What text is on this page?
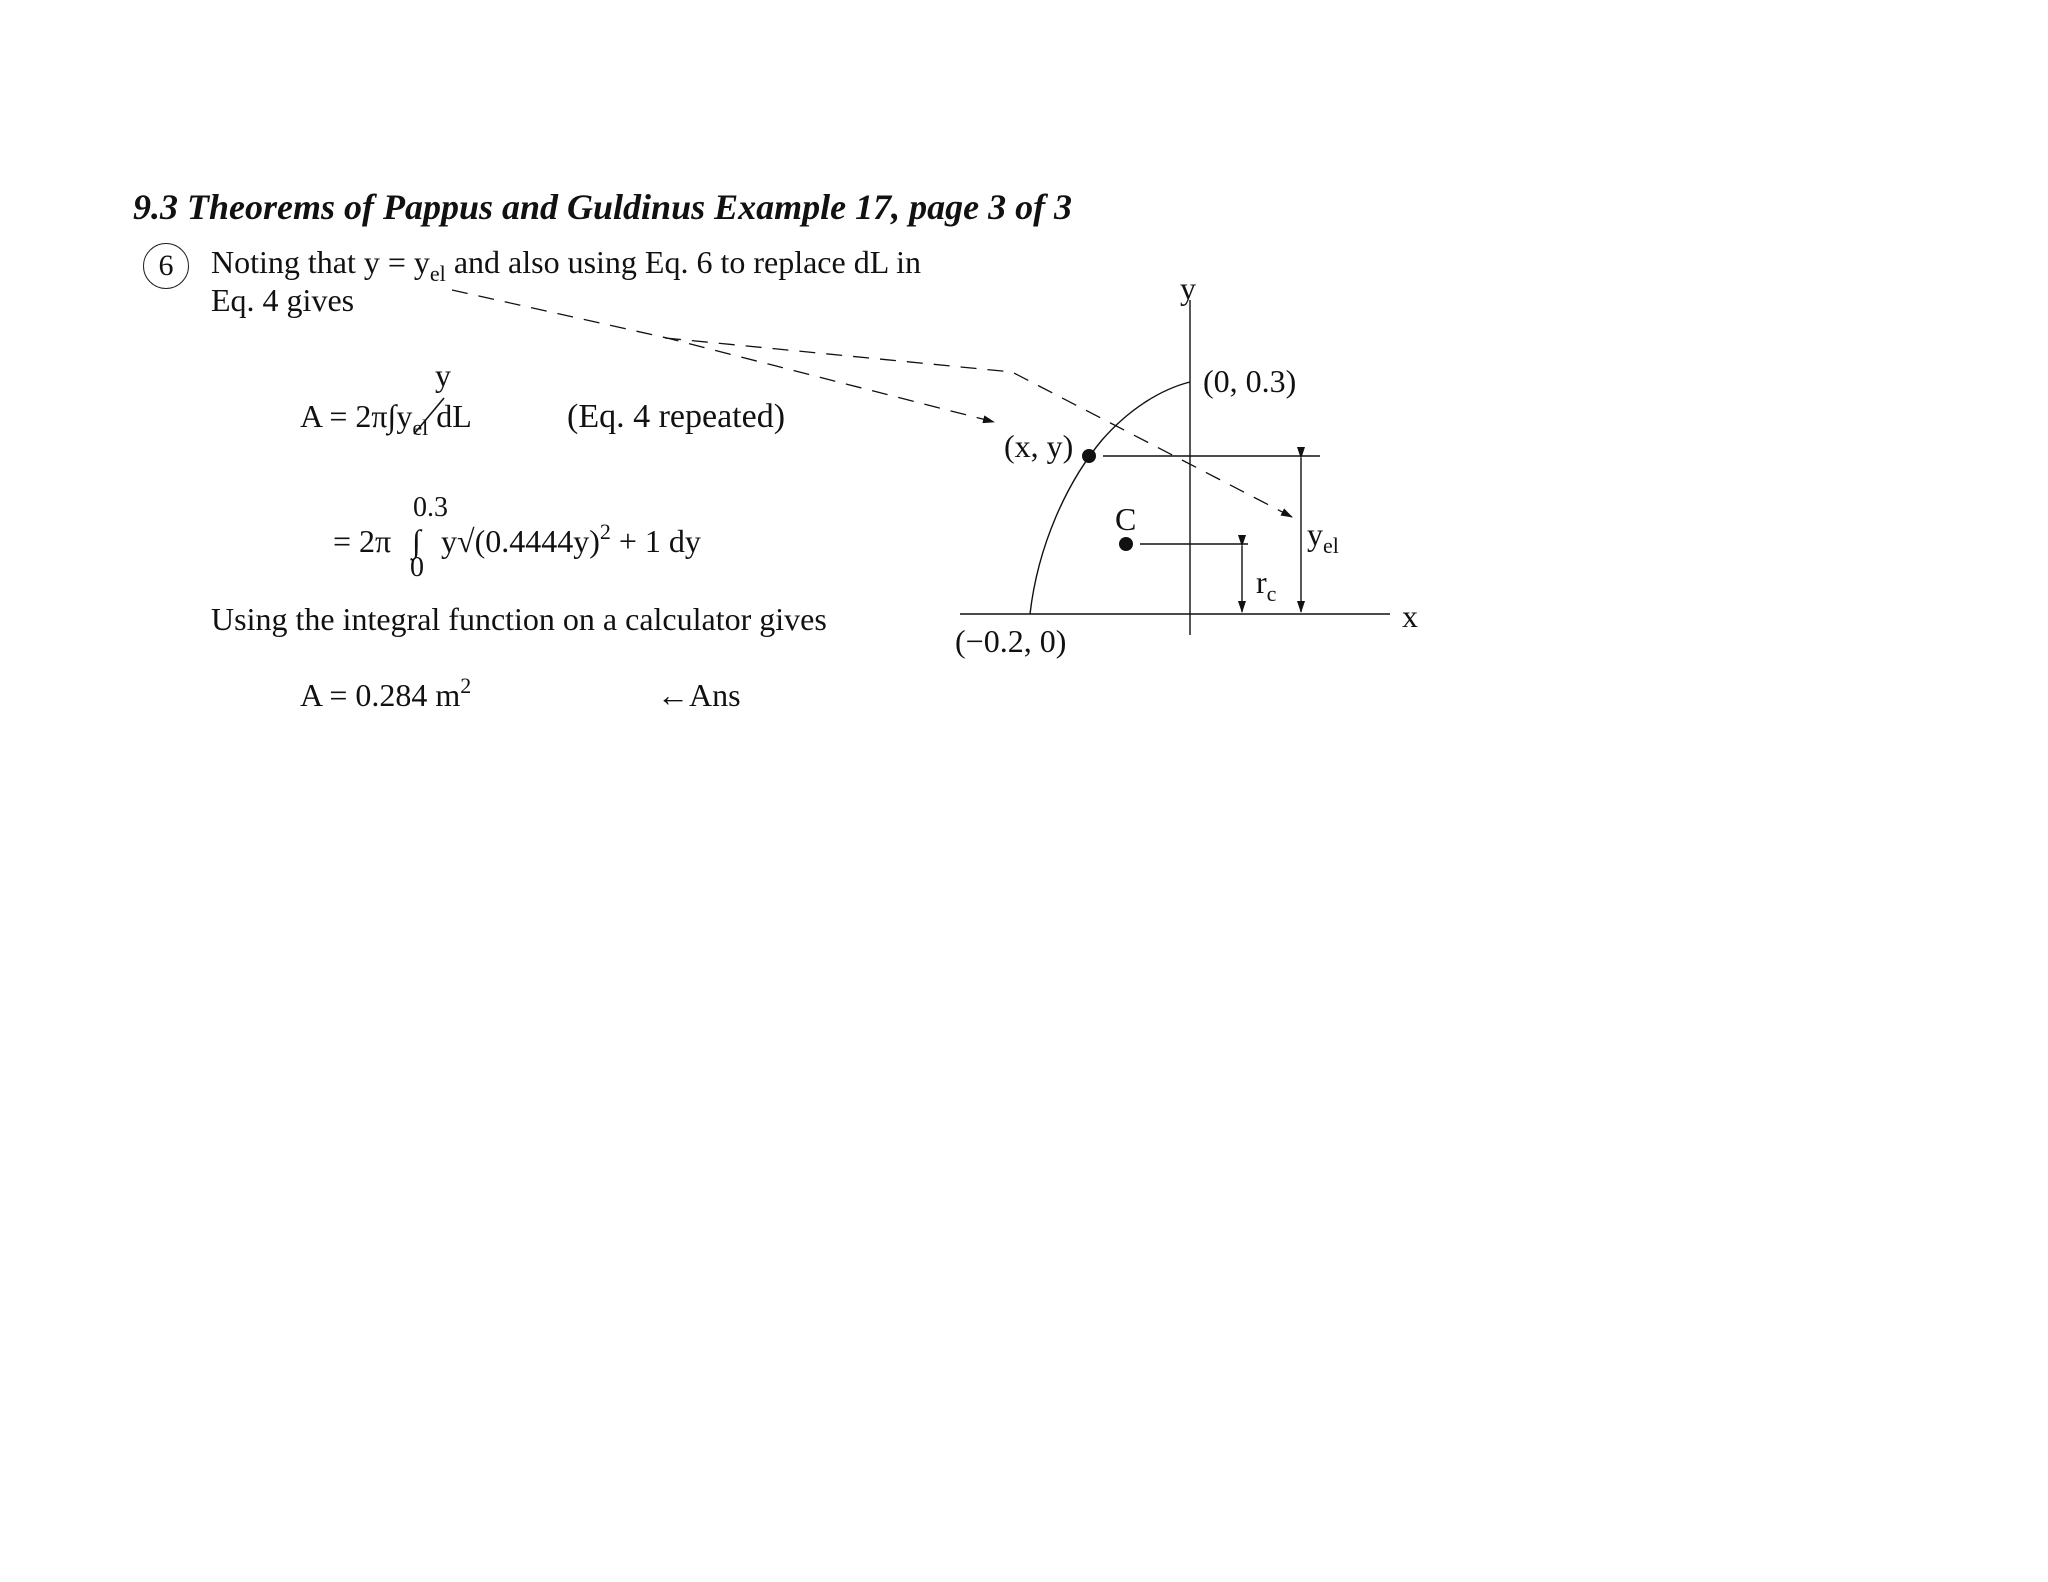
9.3 Theorems of Pappus and Guldinus Example 17, page 3 of 3
6 Noting that $y = y_{el}$ and also using Eq. 6 to replace dL in
Eq. 4 gives
y
$A = 2\pi\int y_{el}$ dL	(Eq. 4 repeated)
0.3
= 2π ∫
0
$y√(0.4444y)^2 + 1$ dy
Using the integral function on a calculator gives
A = 0.284 $m^2$	←Ans
y
x
(0, 0.3)
(x, y)
(−0.2, 0)
C	$y_{el}$
$r_c$
